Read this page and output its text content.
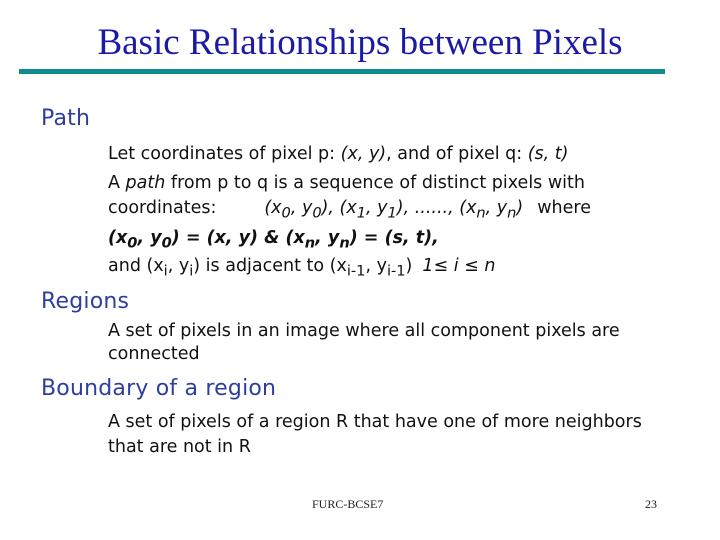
Basic Relationships between Pixels
Path
Let coordinates of pixel p: (x, y), and of pixel q: (s, t)
A path from p to q is a sequence of distinct pixels with
coordinates:	($x_0$, $y_0$), ($x_1$, $y_1$), ......, ($x_n$, $y_n$) where
($x_0$, $y_0) = (x$, y) & ($x_n$, $y_n) = (s$, t),
and ($x_i$, $y_i$) is adjacent to ($x_{i-1}$, $y_{i-1}$) 1≤ i ≤ n
Regions
A set of pixels in an image where all component pixels are
connected
Boundary of a region
A set of pixels of a region R that have one of more neighbors
that are not in R
FURC-BCSE7	23
